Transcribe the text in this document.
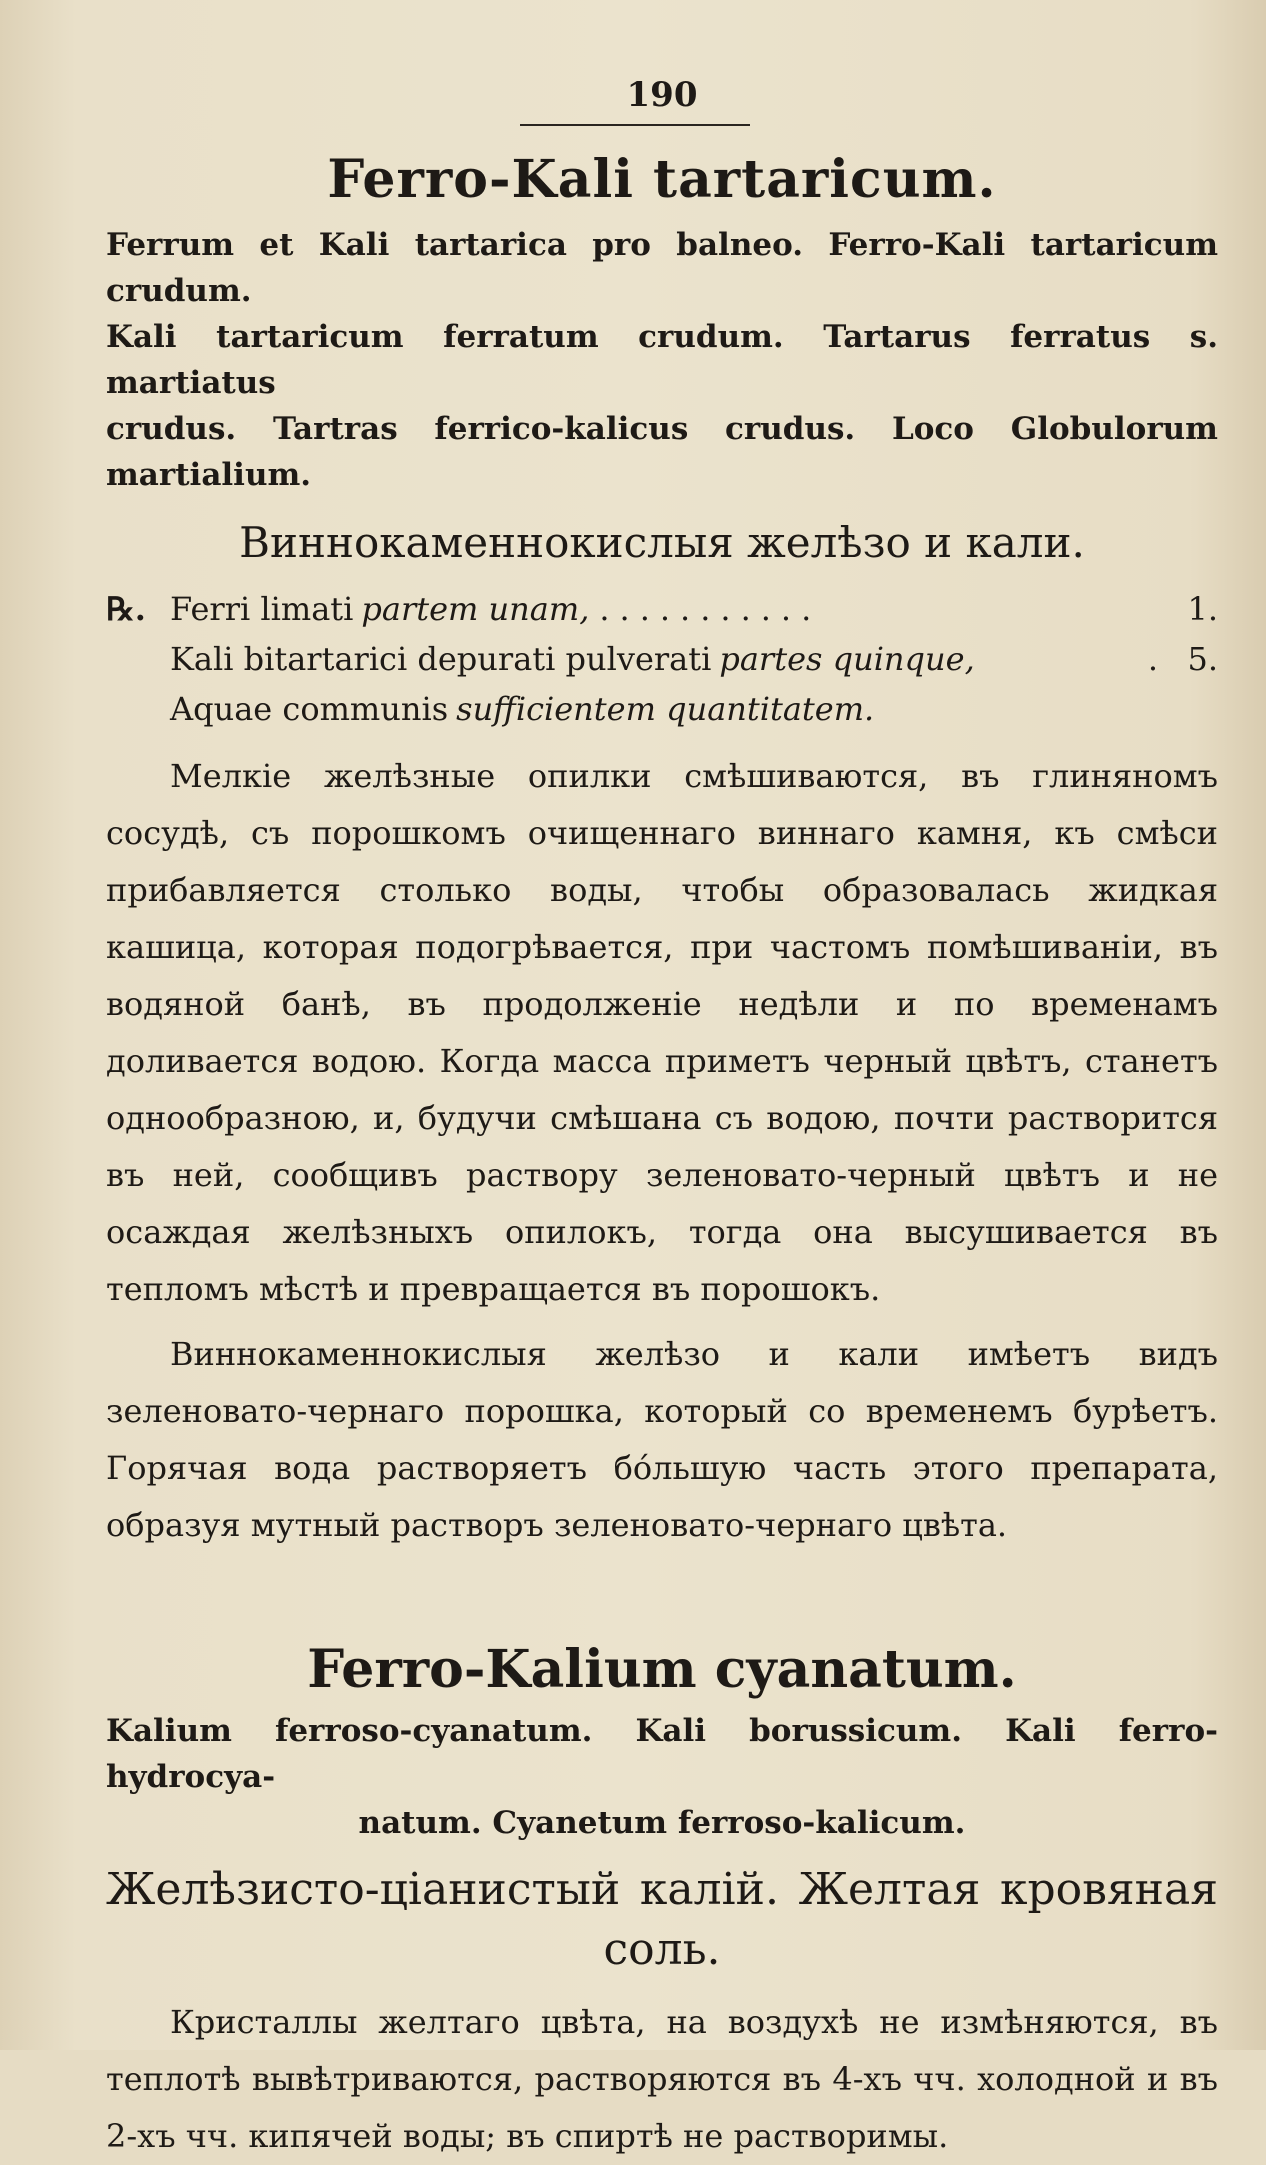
190
Ferro-Kali tartaricum.
Ferrum et Kali tartarica pro balneo. Ferro-Kali tartaricum crudum.
Kali tartaricum ferratum crudum. Tartarus ferratus s. martiatus
crudus. Tartras ferrico-kalicus crudus. Loco Globulorum martialium.
Виннокаменнокислыя желѣзо и кали.
℞. Ferri limati partem unam, ...........	1.
Kali bitartarici depurati pulverati partes quinque,	. 5.
Aquae communis sufficientem quantitatem.
Мелкіе желѣзные опилки смѣшиваются, въ глиняномъ сосудѣ, съ порошкомъ очищеннаго виннаго камня, къ смѣси прибавляется столько воды, чтобы образовалась жидкая кашица, которая подогрѣвается, при частомъ помѣшиваніи, въ водяной банѣ, въ продолженіе недѣли и по временамъ доливается водою. Когда масса приметъ черный цвѣтъ, станетъ однообразною, и, будучи смѣшана съ водою, почти растворится въ ней, сообщивъ раствору зеленовато-черный цвѣтъ и не осаждая желѣзныхъ опилокъ, тогда она высушивается въ тепломъ мѣстѣ и превращается въ порошокъ.
Виннокаменнокислыя желѣзо и кали имѣетъ видъ зеленовато-чернаго порошка, который со временемъ бурѣетъ. Горячая вода растворяетъ бо́льшую часть этого препарата, образуя мутный растворъ зеленовато-чернаго цвѣта.
Ferro-Kalium cyanatum.
Kalium ferroso-cyanatum. Kali borussicum. Kali ferro-hydrocya-
natum. Cyanetum ferroso-kalicum.
Желѣзисто-ціанистый калій. Желтая кровяная
соль.
Кристаллы желтаго цвѣта, на воздухѣ не измѣняются, въ теплотѣ вывѣтриваются, растворяются въ 4-хъ чч. холодной и въ 2-хъ чч. кипячей воды; въ спиртѣ не растворимы.
